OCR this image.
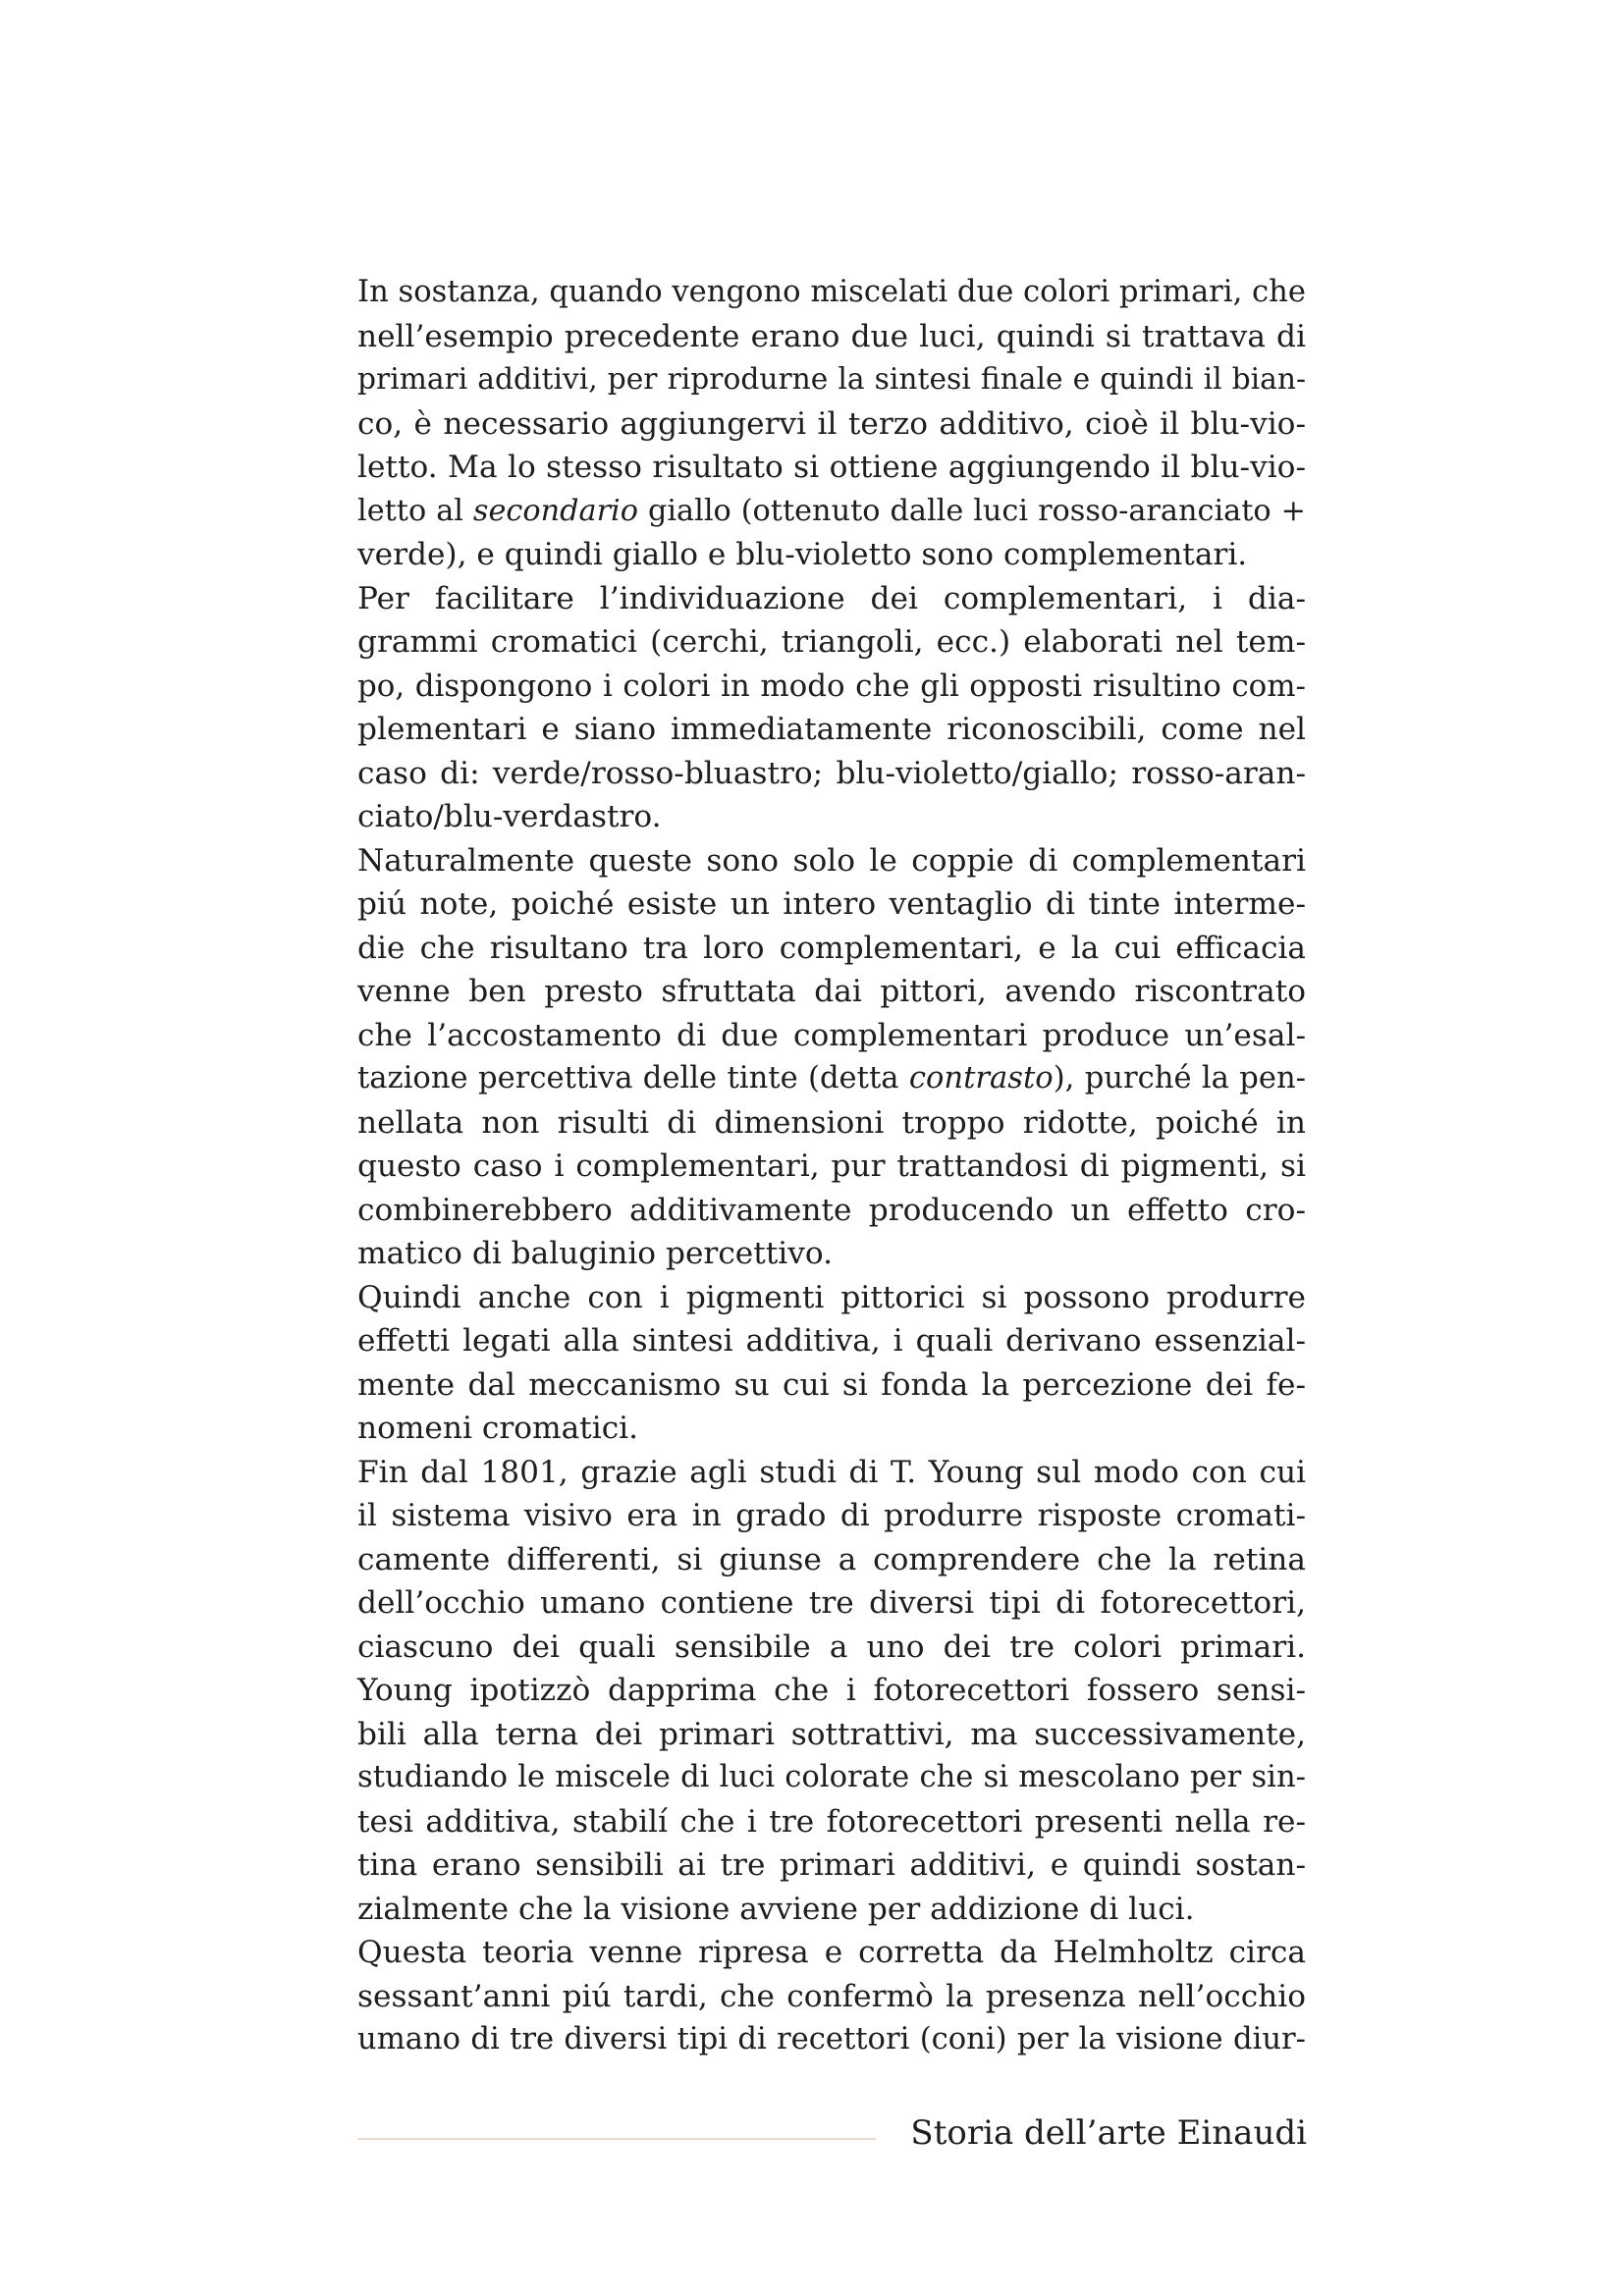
In sostanza, quando vengono miscelati due colori primari, che
nell’esempio precedente erano due luci, quindi si trattava di
primari additivi, per riprodurne la sintesi finale e quindi il bian-
co, è necessario aggiungervi il terzo additivo, cioè il blu-vio-
letto. Ma lo stesso risultato si ottiene aggiungendo il blu-vio-
letto al secondario giallo (ottenuto dalle luci rosso-aranciato +
verde), e quindi giallo e blu-violetto sono complementari.
Per facilitare l’individuazione dei complementari, i dia-
grammi cromatici (cerchi, triangoli, ecc.) elaborati nel tem-
po, dispongono i colori in modo che gli opposti risultino com-
plementari e siano immediatamente riconoscibili, come nel
caso di: verde/rosso-bluastro; blu-violetto/giallo; rosso-aran-
ciato/blu-verdastro.
Naturalmente queste sono solo le coppie di complementari
piú note, poiché esiste un intero ventaglio di tinte interme-
die che risultano tra loro complementari, e la cui efficacia
venne ben presto sfruttata dai pittori, avendo riscontrato
che l’accostamento di due complementari produce un’esal-
tazione percettiva delle tinte (detta contrasto), purché la pen-
nellata non risulti di dimensioni troppo ridotte, poiché in
questo caso i complementari, pur trattandosi di pigmenti, si
combinerebbero additivamente producendo un effetto cro-
matico di baluginio percettivo.
Quindi anche con i pigmenti pittorici si possono produrre
effetti legati alla sintesi additiva, i quali derivano essenzial-
mente dal meccanismo su cui si fonda la percezione dei fe-
nomeni cromatici.
Fin dal 1801, grazie agli studi di T. Young sul modo con cui
il sistema visivo era in grado di produrre risposte cromati-
camente differenti, si giunse a comprendere che la retina
dell’occhio umano contiene tre diversi tipi di fotorecettori,
ciascuno dei quali sensibile a uno dei tre colori primari.
Young ipotizzò dapprima che i fotorecettori fossero sensi-
bili alla terna dei primari sottrattivi, ma successivamente,
studiando le miscele di luci colorate che si mescolano per sin-
tesi additiva, stabilí che i tre fotorecettori presenti nella re-
tina erano sensibili ai tre primari additivi, e quindi sostan-
zialmente che la visione avviene per addizione di luci.
Questa teoria venne ripresa e corretta da Helmholtz circa
sessant’anni piú tardi, che confermò la presenza nell’occhio
umano di tre diversi tipi di recettori (coni) per la visione diur-
Storia dell’arte Einaudi
